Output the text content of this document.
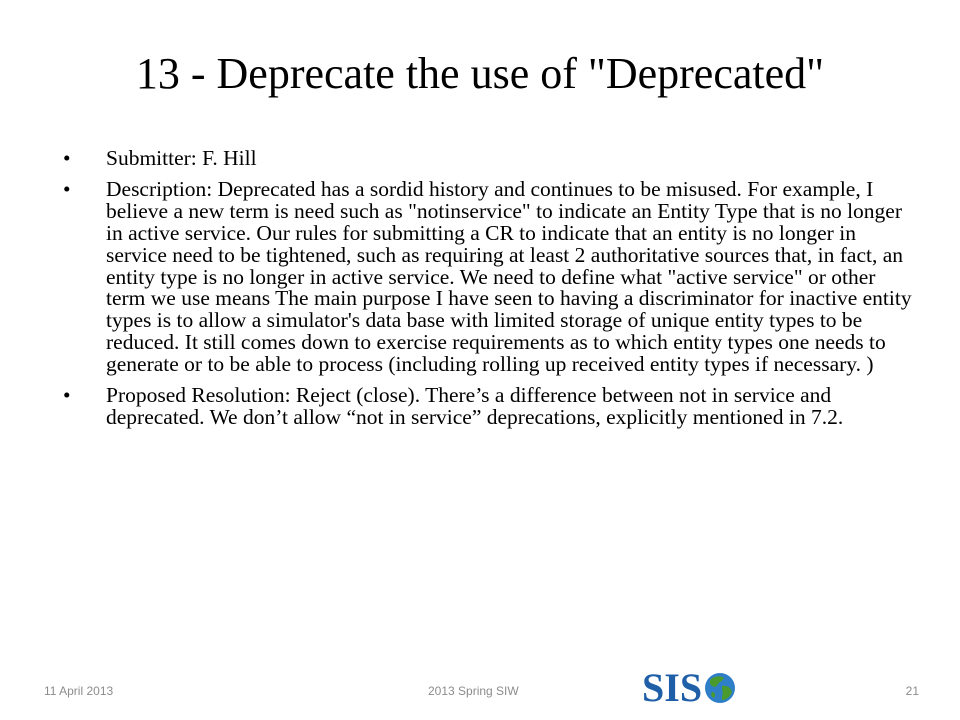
13 - Deprecate the use of "Deprecated"
• Submitter: F. Hill
• Description: Deprecated has a sordid history and continues to be misused. For example, I believe a new term is need such as "notinservice" to indicate an Entity Type that is no longer in active service. Our rules for submitting a CR to indicate that an entity is no longer in service need to be tightened, such as requiring at least 2 authoritative sources that, in fact, an entity type is no longer in active service. We need to define what "active service" or other term we use means The main purpose I have seen to having a discriminator for inactive entity types is to allow a simulator's data base with limited storage of unique entity types to be reduced. It still comes down to exercise requirements as to which entity types one needs to generate or to be able to process (including rolling up received entity types if necessary. )
• Proposed Resolution: Reject (close). There’s a difference between not in service and deprecated. We don’t allow “not in service” deprecations, explicitly mentioned in 7.2.
11 April 2013	2013 Spring SIW	21
SIS
